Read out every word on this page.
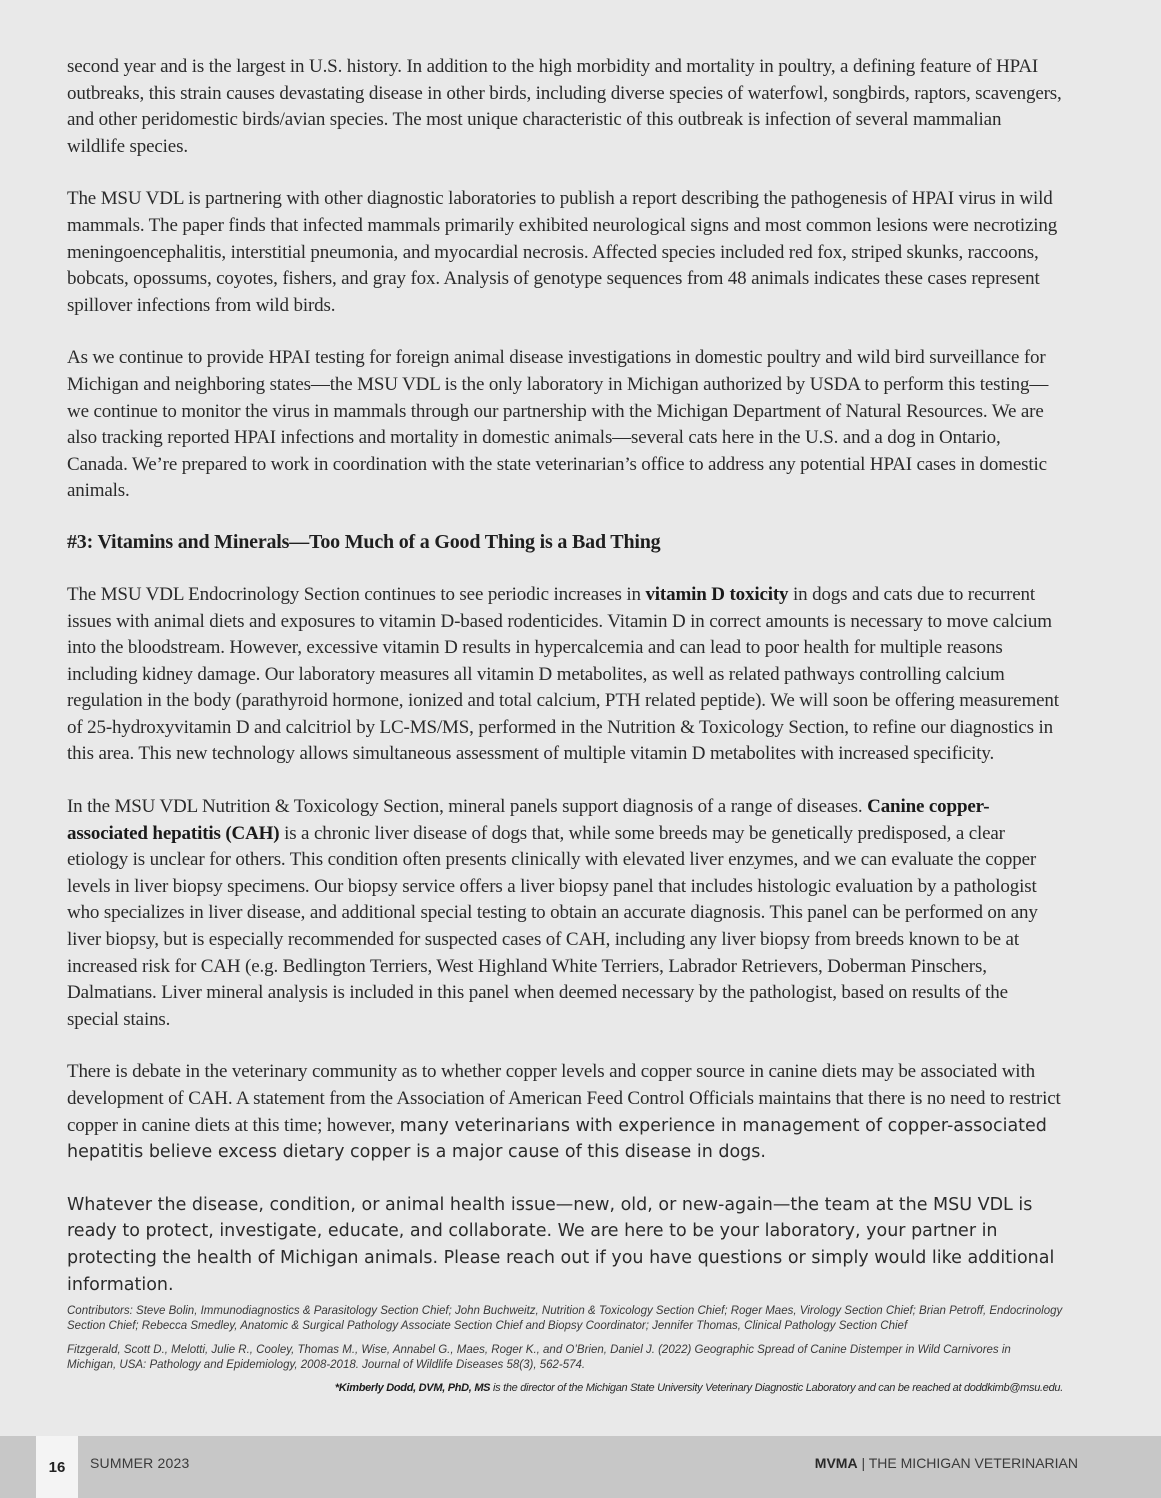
second year and is the largest in U.S. history. In addition to the high morbidity and mortality in poultry, a defining feature of HPAI outbreaks, this strain causes devastating disease in other birds, including diverse species of waterfowl, songbirds, raptors, scavengers, and other peridomestic birds/avian species. The most unique characteristic of this outbreak is infection of several mammalian wildlife species.

The MSU VDL is partnering with other diagnostic laboratories to publish a report describing the pathogenesis of HPAI virus in wild mammals. The paper finds that infected mammals primarily exhibited neurological signs and most common lesions were necrotizing meningoencephalitis, interstitial pneumonia, and myocardial necrosis. Affected species included red fox, striped skunks, raccoons, bobcats, opossums, coyotes, fishers, and gray fox. Analysis of genotype sequences from 48 animals indicates these cases represent spillover infections from wild birds.

As we continue to provide HPAI testing for foreign animal disease investigations in domestic poultry and wild bird surveillance for Michigan and neighboring states—the MSU VDL is the only laboratory in Michigan authorized by USDA to perform this testing—we continue to monitor the virus in mammals through our partnership with the Michigan Department of Natural Resources. We are also tracking reported HPAI infections and mortality in domestic animals—several cats here in the U.S. and a dog in Ontario, Canada. We’re prepared to work in coordination with the state veterinarian’s office to address any potential HPAI cases in domestic animals.

#3: Vitamins and Minerals—Too Much of a Good Thing is a Bad Thing

The MSU VDL Endocrinology Section continues to see periodic increases in vitamin D toxicity in dogs and cats due to recurrent issues with animal diets and exposures to vitamin D-based rodenticides. Vitamin D in correct amounts is necessary to move calcium into the bloodstream. However, excessive vitamin D results in hypercalcemia and can lead to poor health for multiple reasons including kidney damage. Our laboratory measures all vitamin D metabolites, as well as related pathways controlling calcium regulation in the body (parathyroid hormone, ionized and total calcium, PTH related peptide). We will soon be offering measurement of 25-hydroxyvitamin D and calcitriol by LC-MS/MS, performed in the Nutrition & Toxicology Section, to refine our diagnostics in this area. This new technology allows simultaneous assessment of multiple vitamin D metabolites with increased specificity.

In the MSU VDL Nutrition & Toxicology Section, mineral panels support diagnosis of a range of diseases. Canine copper-associated hepatitis (CAH) is a chronic liver disease of dogs that, while some breeds may be genetically predisposed, a clear etiology is unclear for others. This condition often presents clinically with elevated liver enzymes, and we can evaluate the copper levels in liver biopsy specimens. Our biopsy service offers a liver biopsy panel that includes histologic evaluation by a pathologist who specializes in liver disease, and additional special testing to obtain an accurate diagnosis. This panel can be performed on any liver biopsy, but is especially recommended for suspected cases of CAH, including any liver biopsy from breeds known to be at increased risk for CAH (e.g. Bedlington Terriers, West Highland White Terriers, Labrador Retrievers, Doberman Pinschers, Dalmatians. Liver mineral analysis is included in this panel when deemed necessary by the pathologist, based on results of the special stains.

There is debate in the veterinary community as to whether copper levels and copper source in canine diets may be associated with development of CAH. A statement from the Association of American Feed Control Officials maintains that there is no need to restrict copper in canine diets at this time; however, many veterinarians with experience in management of copper-associated hepatitis believe excess dietary copper is a major cause of this disease in dogs.

Whatever the disease, condition, or animal health issue—new, old, or new-again—the team at the MSU VDL is ready to protect, investigate, educate, and collaborate. We are here to be your laboratory, your partner in protecting the health of Michigan animals. Please reach out if you have questions or simply would like additional information.

Contributors: Steve Bolin, Immunodiagnostics & Parasitology Section Chief; John Buchweitz, Nutrition & Toxicology Section Chief; Roger Maes, Virology Section Chief; Brian Petroff, Endocrinology Section Chief; Rebecca Smedley, Anatomic & Surgical Pathology Associate Section Chief and Biopsy Coordinator; Jennifer Thomas, Clinical Pathology Section Chief

Fitzgerald, Scott D., Melotti, Julie R., Cooley, Thomas M., Wise, Annabel G., Maes, Roger K., and O’Brien, Daniel J. (2022) Geographic Spread of Canine Distemper in Wild Carnivores in Michigan, USA: Pathology and Epidemiology, 2008-2018. Journal of Wildlife Diseases 58(3), 562-574.

*Kimberly Dodd, DVM, PhD, MS is the director of the Michigan State University Veterinary Diagnostic Laboratory and can be reached at doddkimb@msu.edu.

16	SUMMER 2023	MVMA | THE MICHIGAN VETERINARIAN
